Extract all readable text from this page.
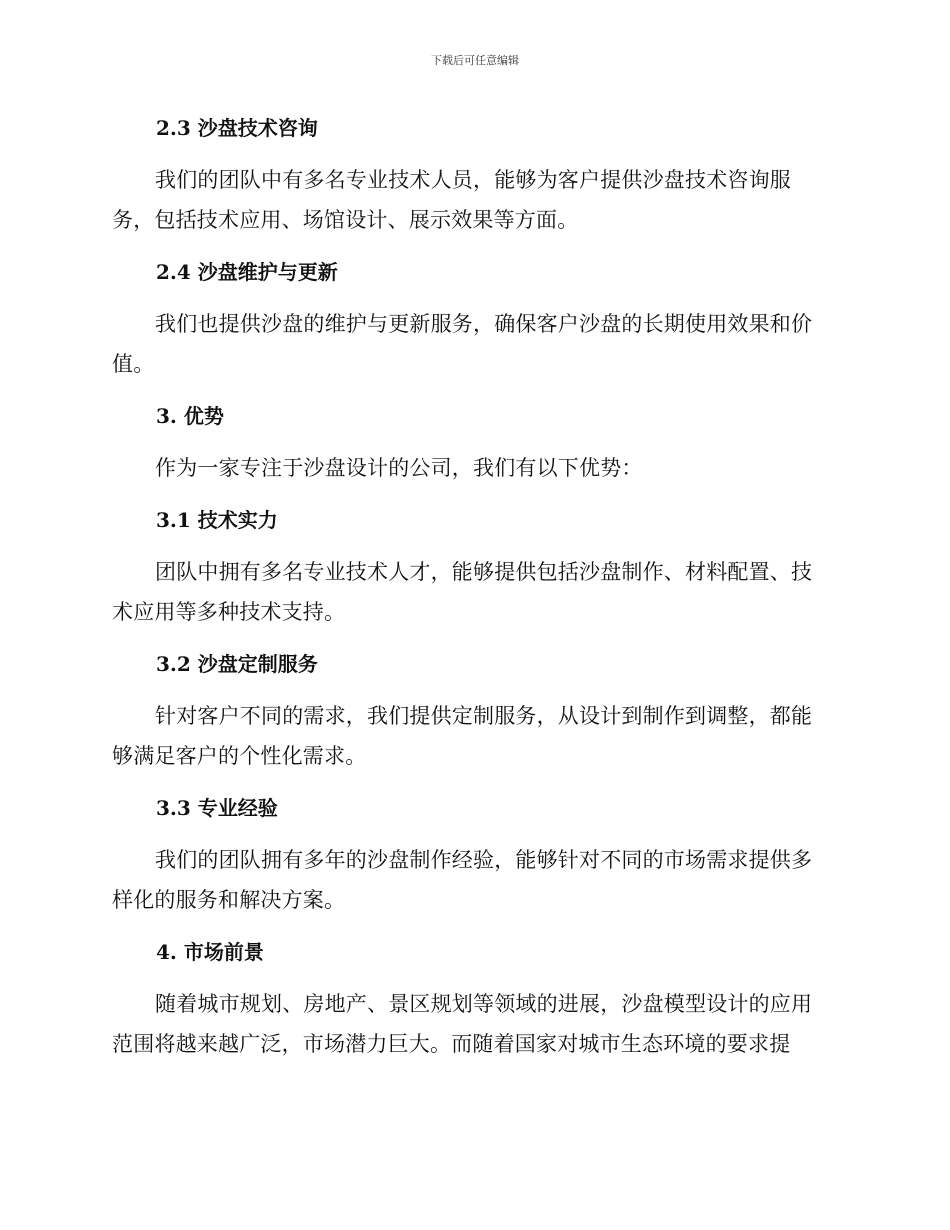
下载后可任意编辑
2.3 沙盘技术咨询

我们的团队中有多名专业技术人员，能够为客户提供沙盘技术咨询服务，包括技术应用、场馆设计、展示效果等方面。

2.4 沙盘维护与更新

我们也提供沙盘的维护与更新服务，确保客户沙盘的长期使用效果和价值。

3. 优势

作为一家专注于沙盘设计的公司，我们有以下优势：

3.1 技术实力

团队中拥有多名专业技术人才，能够提供包括沙盘制作、材料配置、技术应用等多种技术支持。

3.2 沙盘定制服务

针对客户不同的需求，我们提供定制服务，从设计到制作到调整，都能够满足客户的个性化需求。

3.3 专业经验

我们的团队拥有多年的沙盘制作经验，能够针对不同的市场需求提供多样化的服务和解决方案。

4. 市场前景

随着城市规划、房地产、景区规划等领域的进展，沙盘模型设计的应用范围将越来越广泛，市场潜力巨大。而随着国家对城市生态环境的要求提
